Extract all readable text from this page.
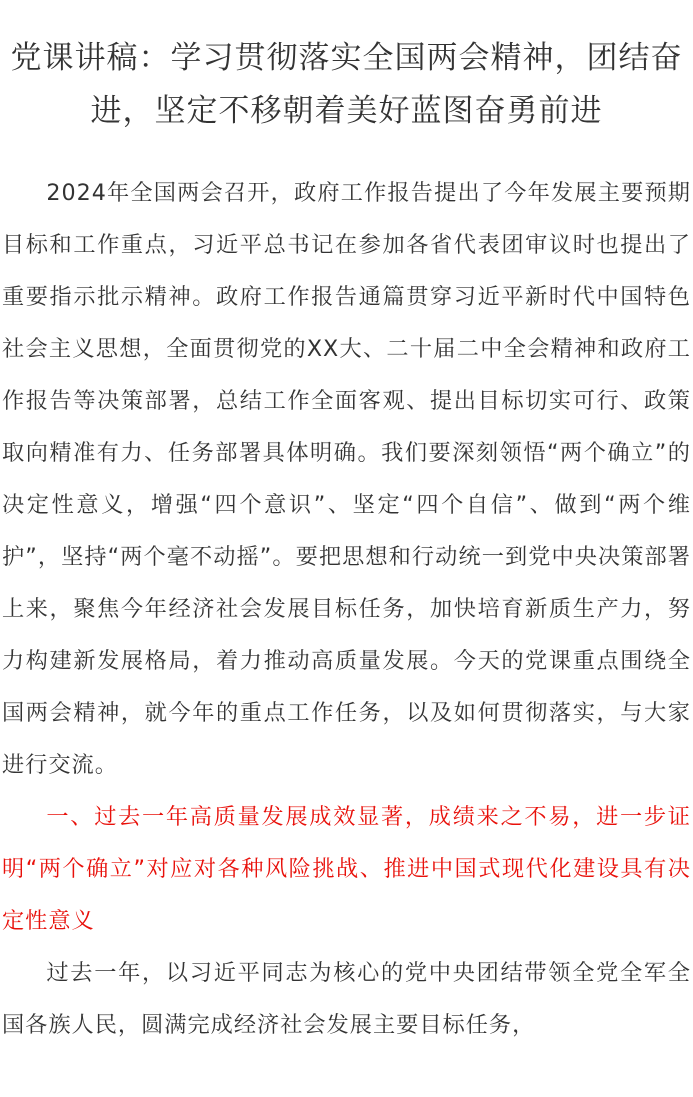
党课讲稿：学习贯彻落实全国两会精神，团结奋进，坚定不移朝着美好蓝图奋勇前进

2024年全国两会召开，政府工作报告提出了今年发展主要预期目标和工作重点，习近平总书记在参加各省代表团审议时也提出了重要指示批示精神。政府工作报告通篇贯穿习近平新时代中国特色社会主义思想，全面贯彻党的XX大、二十届二中全会精神和政府工作报告等决策部署，总结工作全面客观、提出目标切实可行、政策取向精准有力、任务部署具体明确。我们要深刻领悟“两个确立”的决定性意义，增强“四个意识”、坚定“四个自信”、做到“两个维护”，坚持“两个毫不动摇”。要把思想和行动统一到党中央决策部署上来，聚焦今年经济社会发展目标任务，加快培育新质生产力，努力构建新发展格局，着力推动高质量发展。今天的党课重点围绕全国两会精神，就今年的重点工作任务，以及如何贯彻落实，与大家进行交流。

一、过去一年高质量发展成效显著，成绩来之不易，进一步证明“两个确立”对应对各种风险挑战、推进中国式现代化建设具有决定性意义

过去一年，以习近平同志为核心的党中央团结带领全党全军全国各族人民，圆满完成经济社会发展主要目标任务，
